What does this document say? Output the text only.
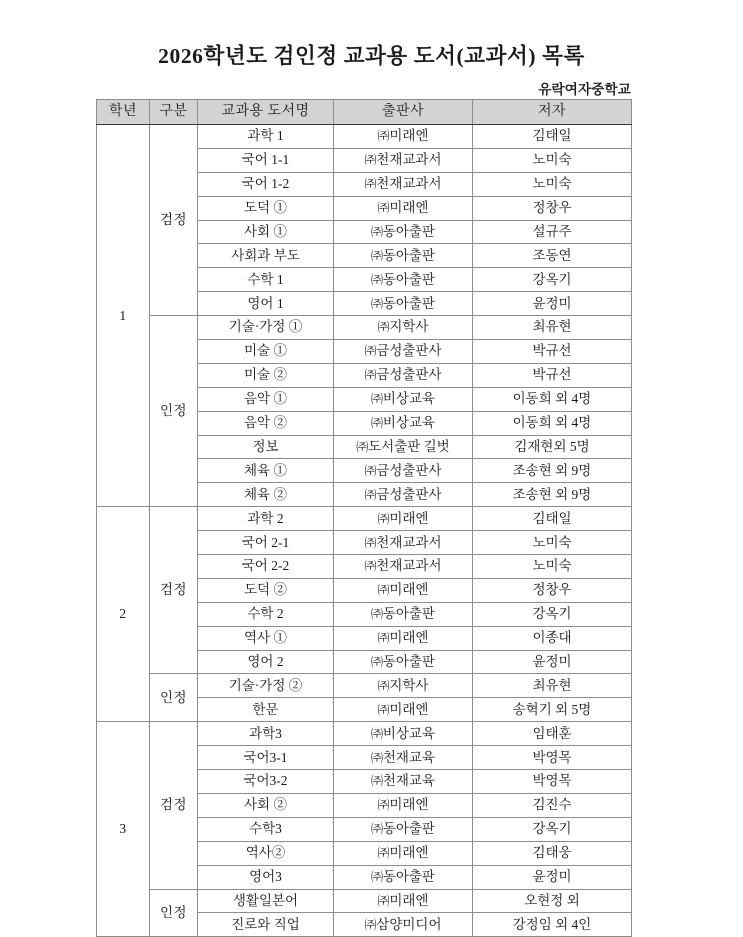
2026학년도 검인정 교과용 도서(교과서) 목록
유락여자중학교
학년	구분	교과용 도서명	출판사	저자
1	검정	과학 1	㈜미래엔	김태일
		국어 1-1	㈜천재교과서	노미숙
		국어 1-2	㈜천재교과서	노미숙
		도덕 ①	㈜미래엔	정창우
		사회 ①	㈜동아출판	설규주
		사회과 부도	㈜동아출판	조동연
		수학 1	㈜동아출판	강옥기
		영어 1	㈜동아출판	윤정미
	인정	기술·가정 ①	㈜지학사	최유현
		미술 ①	㈜금성출판사	박규선
		미술 ②	㈜금성출판사	박규선
		음악 ①	㈜비상교육	이동희 외 4명
		음악 ②	㈜비상교육	이동희 외 4명
		정보	㈜도서출판 길벗	김재현외 5명
		체육 ①	㈜금성출판사	조송현 외 9명
		체육 ②	㈜금성출판사	조송현 외 9명
2	검정	과학 2	㈜미래엔	김태일
		국어 2-1	㈜천재교과서	노미숙
		국어 2-2	㈜천재교과서	노미숙
		도덕 ②	㈜미래엔	정창우
		수학 2	㈜동아출판	강옥기
		역사 ①	㈜미래엔	이종대
		영어 2	㈜동아출판	윤정미
	인정	기술·가정 ②	㈜지학사	최유현
		한문	㈜미래엔	송혁기 외 5명
3	검정	과학3	㈜비상교육	임태훈
		국어3-1	㈜천재교육	박영목
		국어3-2	㈜천재교육	박영목
		사회 ②	㈜미래엔	김진수
		수학3	㈜동아출판	강옥기
		역사②	㈜미래엔	김태웅
		영어3	㈜동아출판	윤정미
	인정	생활일본어	㈜미래엔	오현정 외
		진로와 직업	㈜삼양미디어	강정임 외 4인
